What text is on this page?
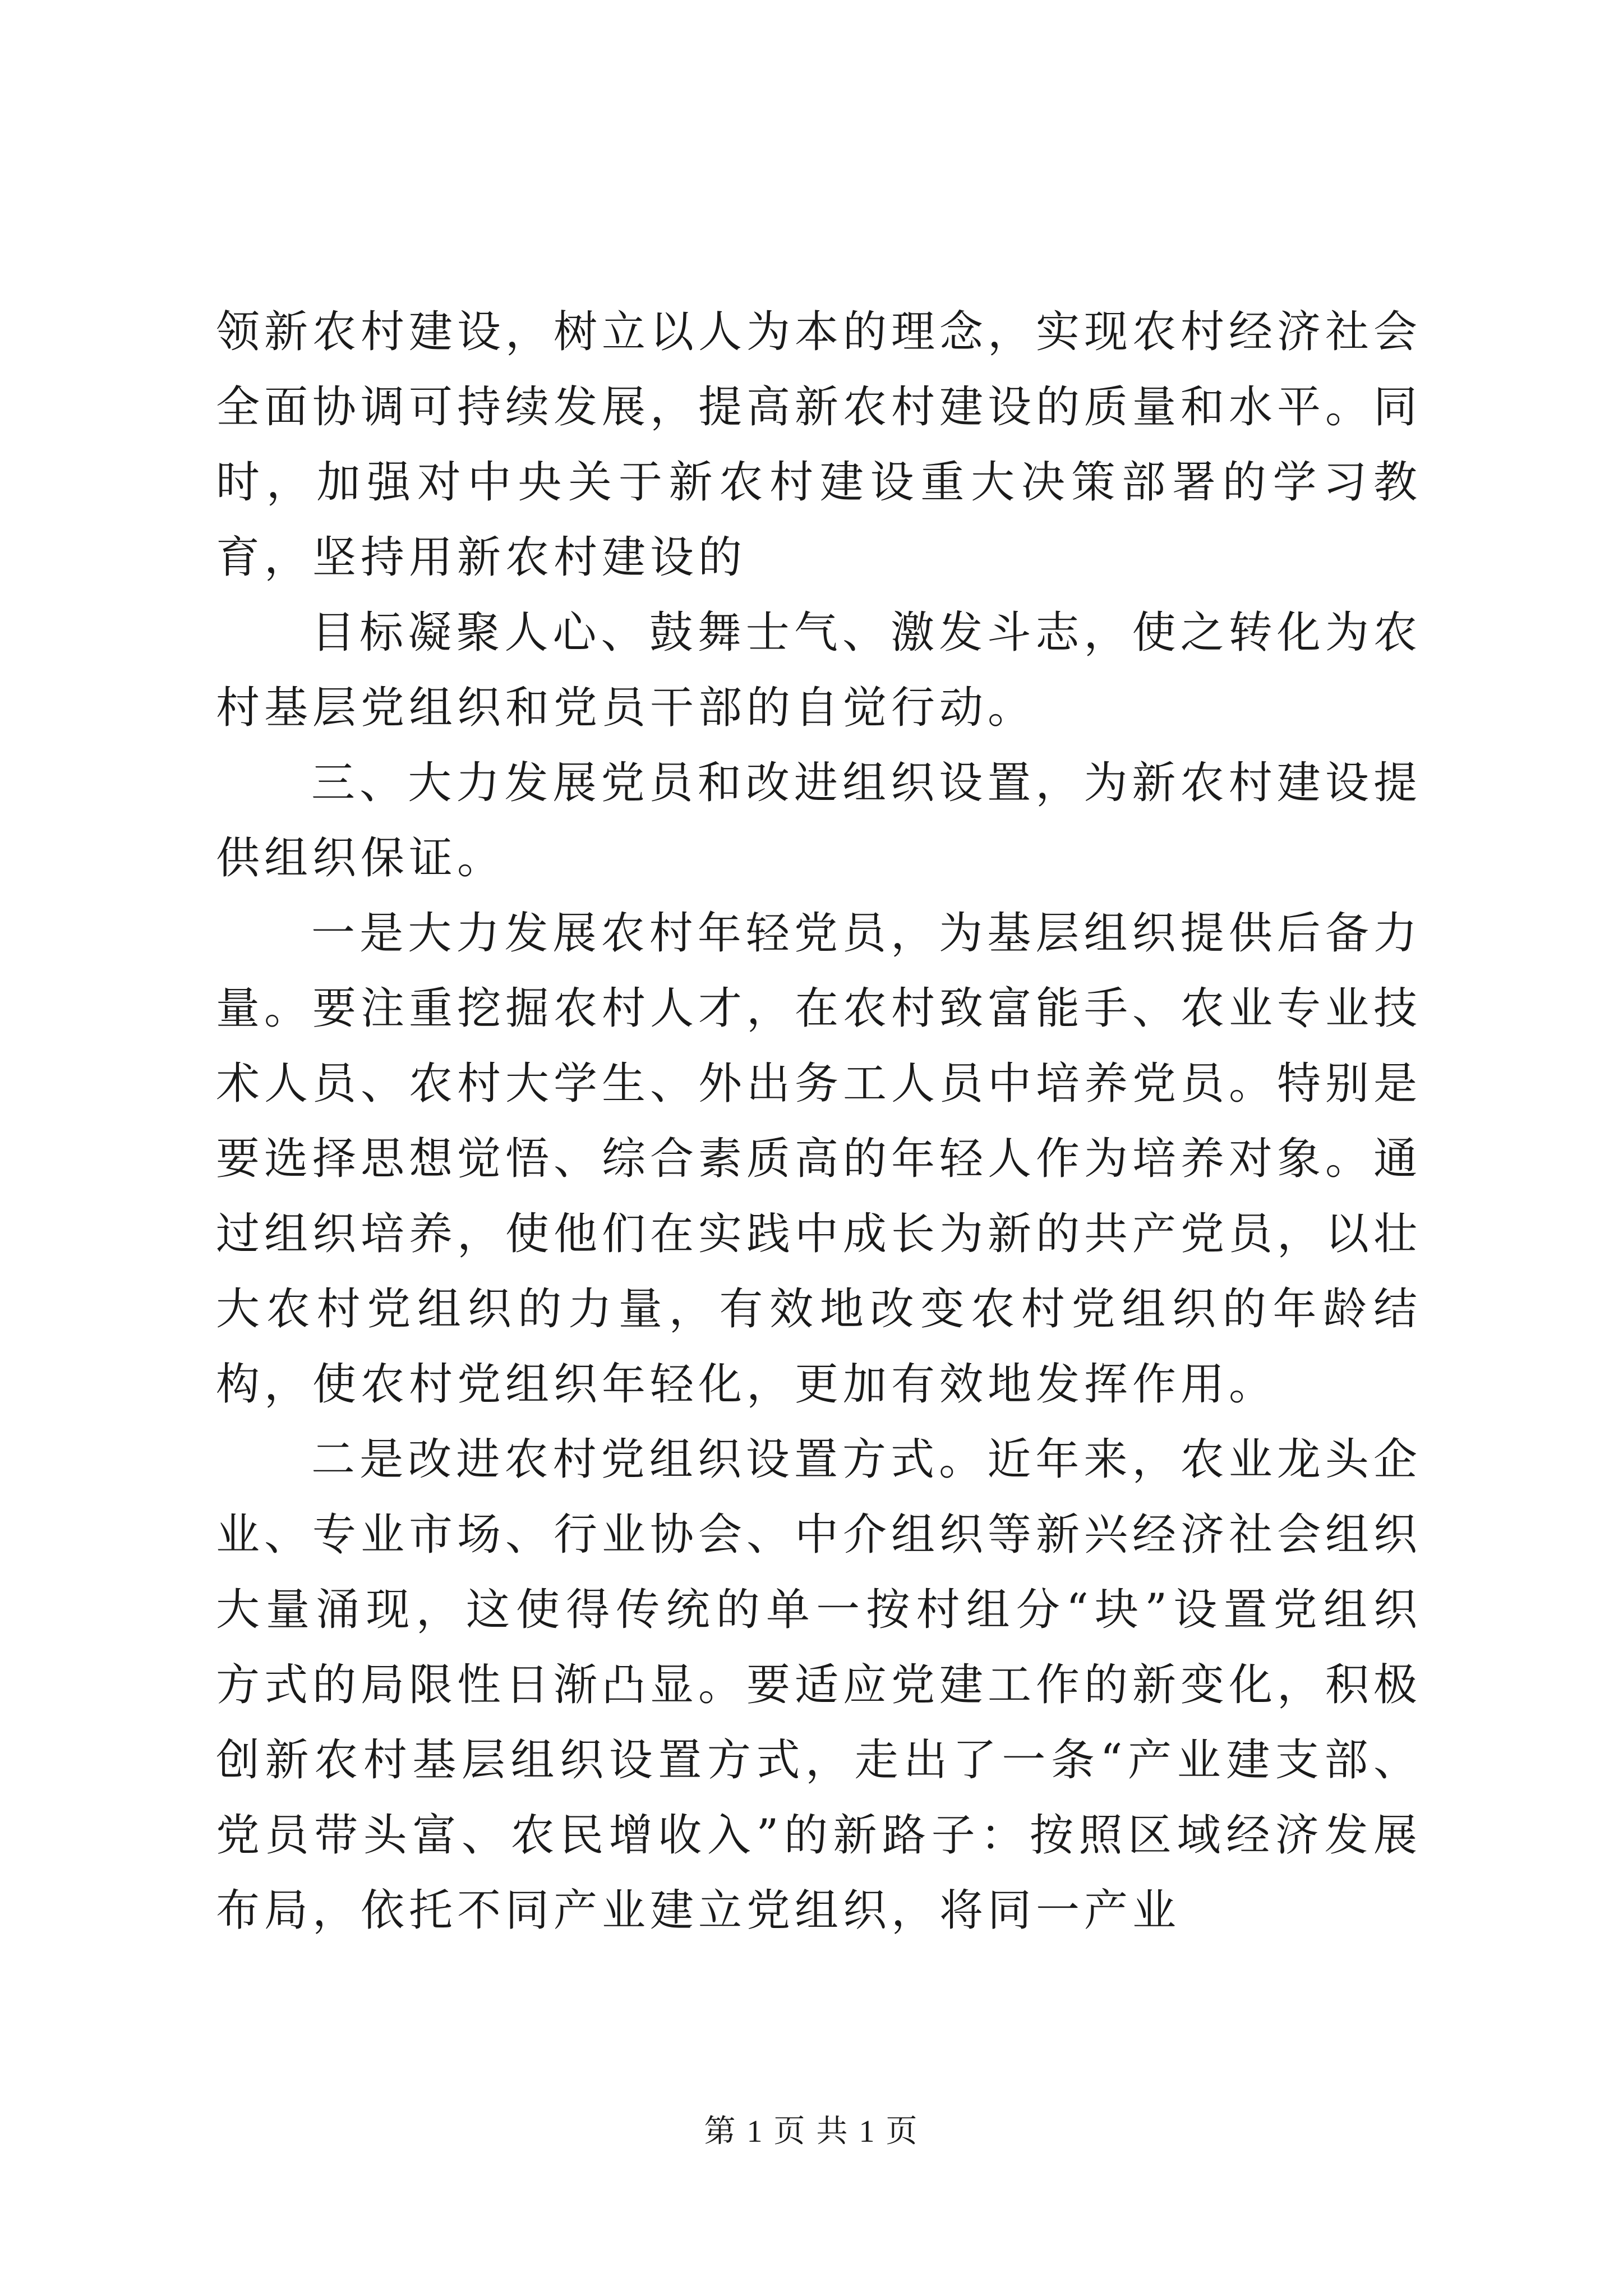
领新农村建设，树立以人为本的理念，实现农村经济社会全面协调可持续发展，提高新农村建设的质量和水平。同时，加强对中央关于新农村建设重大决策部署的学习教育，坚持用新农村建设的

目标凝聚人心、鼓舞士气、激发斗志，使之转化为农村基层党组织和党员干部的自觉行动。

三、大力发展党员和改进组织设置，为新农村建设提供组织保证。

一是大力发展农村年轻党员，为基层组织提供后备力量。要注重挖掘农村人才，在农村致富能手、农业专业技术人员、农村大学生、外出务工人员中培养党员。特别是要选择思想觉悟、综合素质高的年轻人作为培养对象。通过组织培养，使他们在实践中成长为新的共产党员，以壮大农村党组织的力量，有效地改变农村党组织的年龄结构，使农村党组织年轻化，更加有效地发挥作用。

二是改进农村党组织设置方式。近年来，农业龙头企业、专业市场、行业协会、中介组织等新兴经济社会组织大量涌现，这使得传统的单一按村组分“块”设置党组织方式的局限性日渐凸显。要适应党建工作的新变化，积极创新农村基层组织设置方式，走出了一条“产业建支部、党员带头富、农民增收入”的新路子：按照区域经济发展布局，依托不同产业建立党组织，将同一产业

第 1 页 共 1 页
